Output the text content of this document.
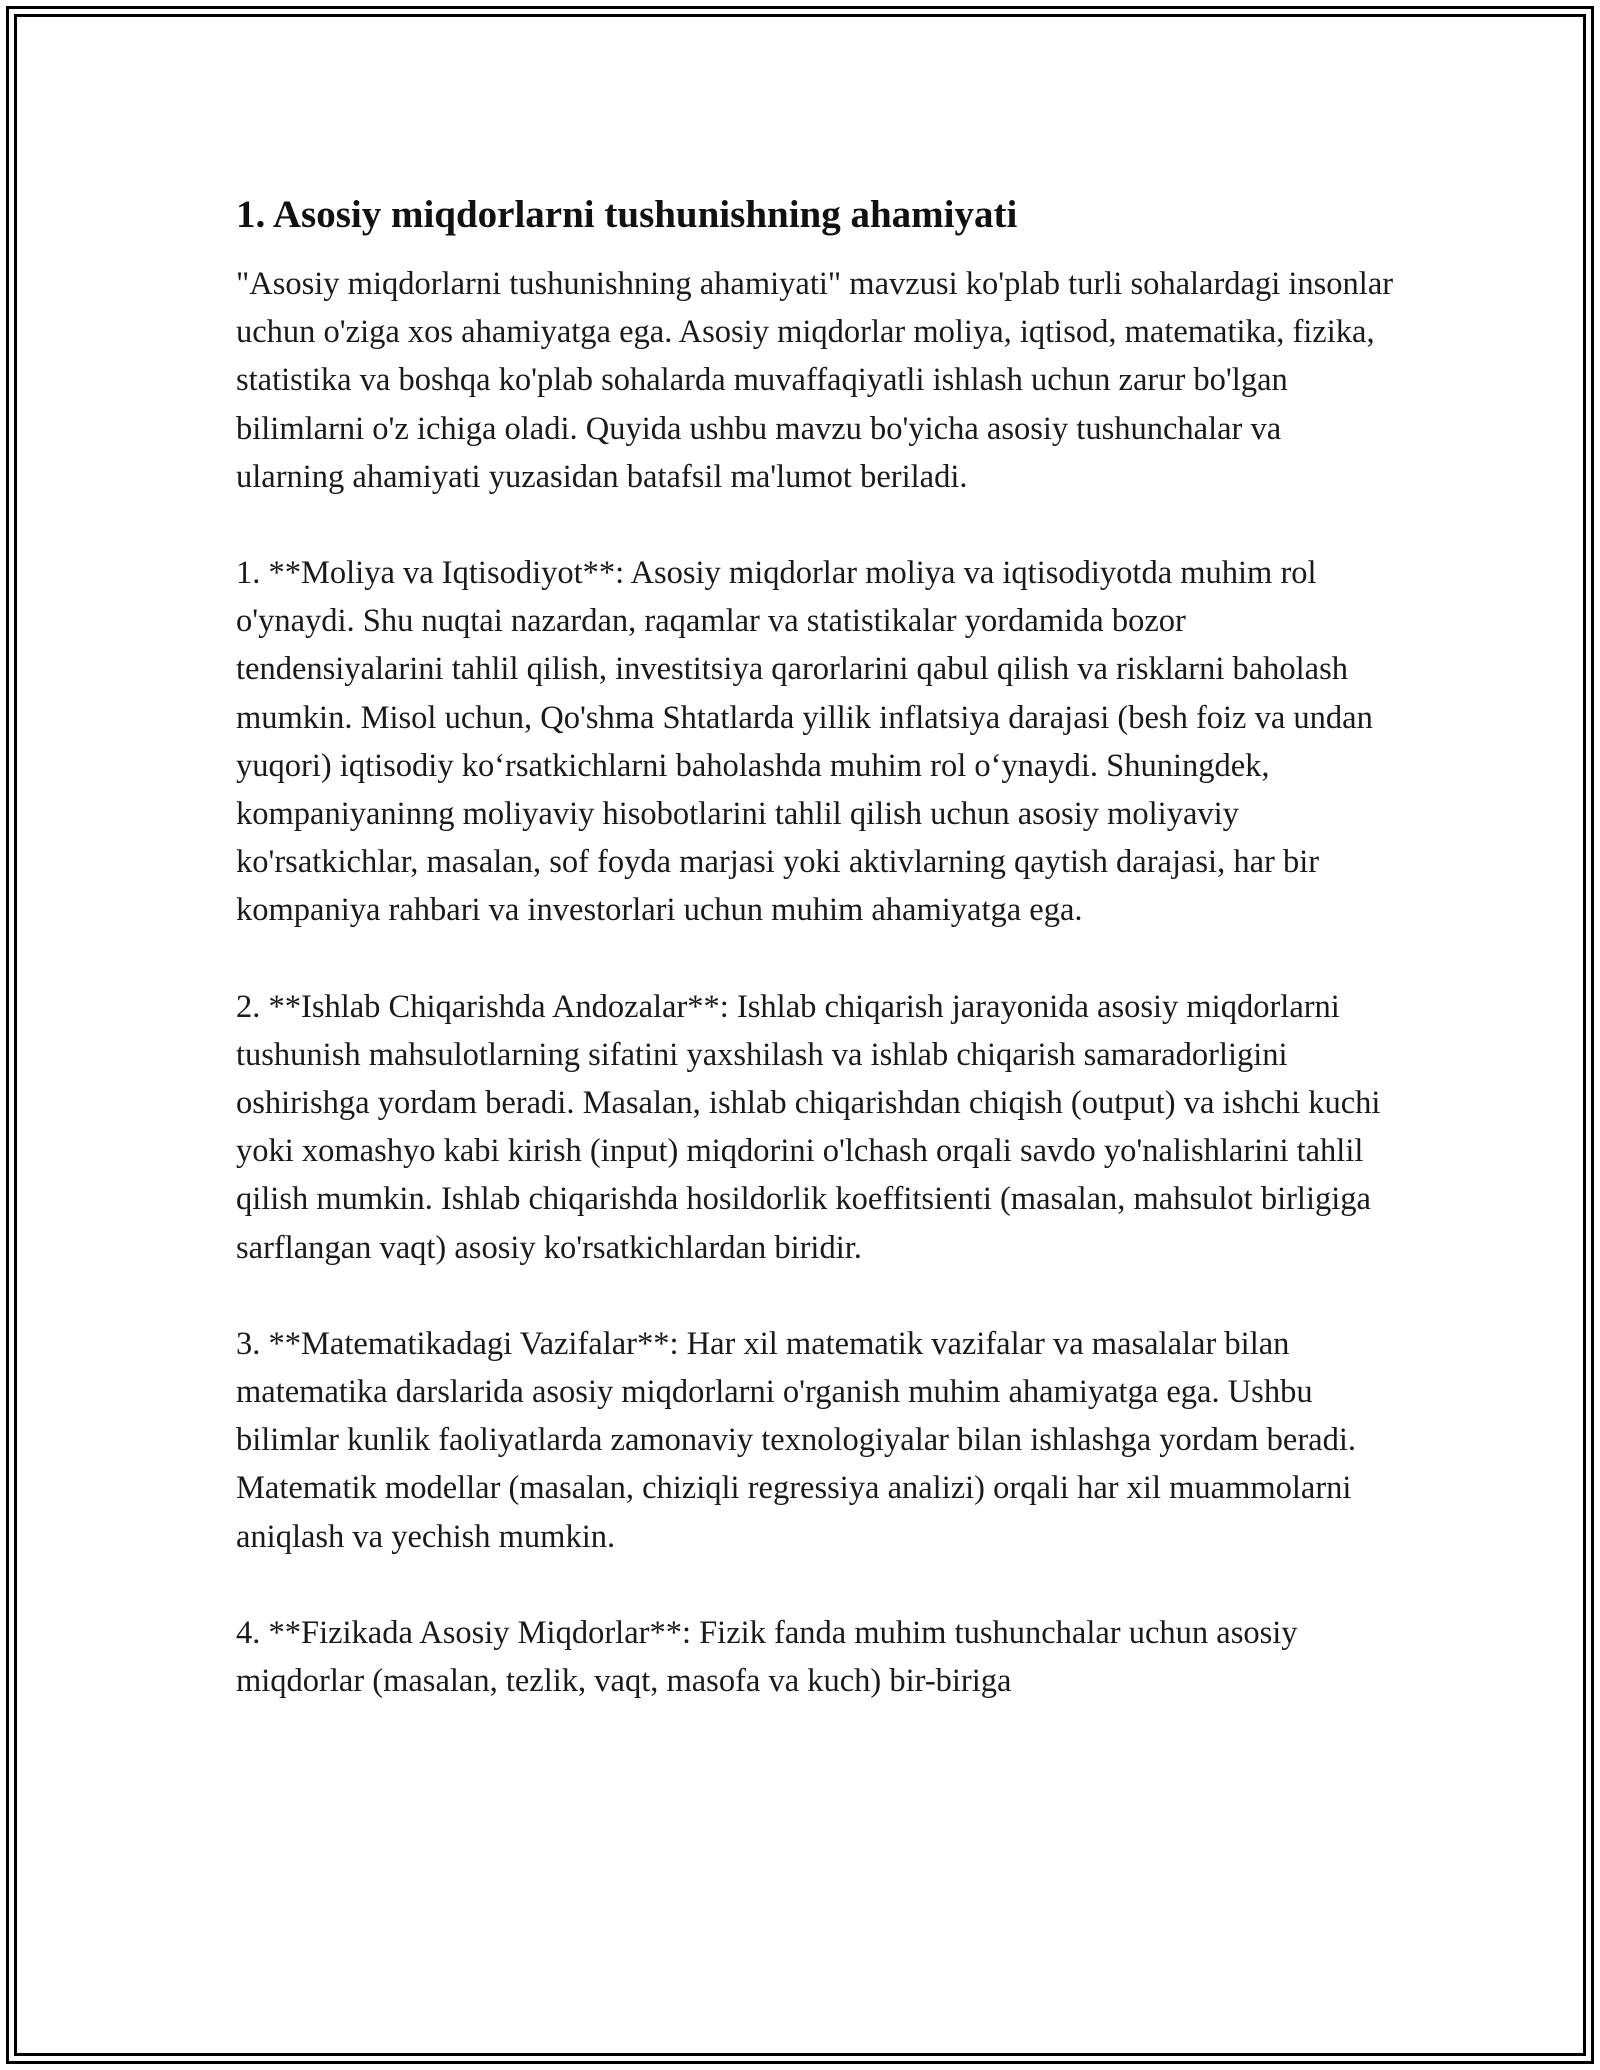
1. Asosiy miqdorlarni tushunishning ahamiyati

"Asosiy miqdorlarni tushunishning ahamiyati" mavzusi ko'plab turli sohalardagi insonlar uchun o'ziga xos ahamiyatga ega. Asosiy miqdorlar moliya, iqtisod, matematika, fizika, statistika va boshqa ko'plab sohalarda muvaffaqiyatli ishlash uchun zarur bo'lgan bilimlarni o'z ichiga oladi. Quyida ushbu mavzu bo'yicha asosiy tushunchalar va ularning ahamiyati yuzasidan batafsil ma'lumot beriladi.

1. **Moliya va Iqtisodiyot**: Asosiy miqdorlar moliya va iqtisodiyotda muhim rol o'ynaydi. Shu nuqtai nazardan, raqamlar va statistikalar yordamida bozor tendensiyalarini tahlil qilish, investitsiya qarorlarini qabul qilish va risklarni baholash mumkin. Misol uchun, Qo'shma Shtatlarda yillik inflatsiya darajasi (besh foiz va undan yuqori) iqtisodiy ko‘rsatkichlarni baholashda muhim rol o‘ynaydi. Shuningdek, kompaniyaninng moliyaviy hisobotlarini tahlil qilish uchun asosiy moliyaviy ko'rsatkichlar, masalan, sof foyda marjasi yoki aktivlarning qaytish darajasi, har bir kompaniya rahbari va investorlari uchun muhim ahamiyatga ega.

2. **Ishlab Chiqarishda Andozalar**: Ishlab chiqarish jarayonida asosiy miqdorlarni tushunish mahsulotlarning sifatini yaxshilash va ishlab chiqarish samaradorligini oshirishga yordam beradi. Masalan, ishlab chiqarishdan chiqish (output) va ishchi kuchi yoki xomashyo kabi kirish (input) miqdorini o'lchash orqali savdo yo'nalishlarini tahlil qilish mumkin. Ishlab chiqarishda hosildorlik koeffitsienti (masalan, mahsulot birligiga sarflangan vaqt) asosiy ko'rsatkichlardan biridir.

3. **Matematikadagi Vazifalar**: Har xil matematik vazifalar va masalalar bilan matematika darslarida asosiy miqdorlarni o'rganish muhim ahamiyatga ega. Ushbu bilimlar kunlik faoliyatlarda zamonaviy texnologiyalar bilan ishlashga yordam beradi. Matematik modellar (masalan, chiziqli regressiya analizi) orqali har xil muammolarni aniqlash va yechish mumkin.

4. **Fizikada Asosiy Miqdorlar**: Fizik fanda muhim tushunchalar uchun asosiy miqdorlar (masalan, tezlik, vaqt, masofa va kuch) bir-biriga
